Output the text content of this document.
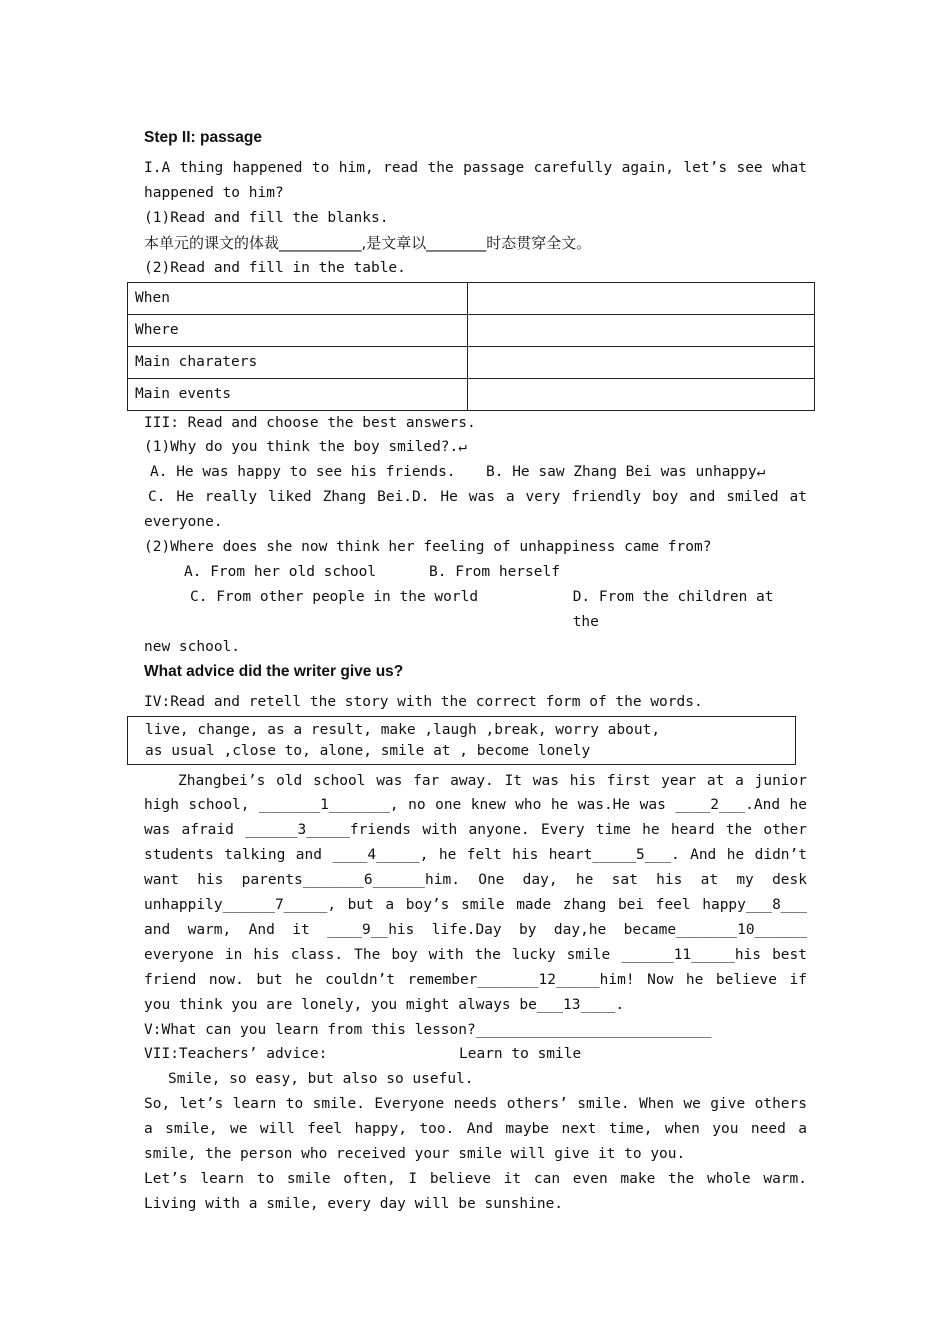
Step II: passage

I.A thing happened to him, read the passage carefully again, let’s see what happened to him?

(1)Read and fill the blanks.

本单元的课文的体裁___________,是文章以________时态贯穿全文。

(2)Read and fill in the table.

When	
Where	
Main charaters	
Main events	

III: Read and choose the best answers.

(1)Why do you think the boy smiled?.↵

A. He was happy to see his friends.	B. He saw Zhang Bei was unhappy ↵

C. He really liked Zhang Bei.D. He was a very friendly boy and smiled at everyone.

(2)Where does she now think her feeling of unhappiness came from?

A. From her old school	B. From herself
C. From other people in the world	D. From the children at the

new school.

What advice did the writer give us?

IV:Read and retell the story with the correct form of the words.

live, change, as a result, make ,laugh ,break, worry about,
as usual ,close to, alone, smile at , become lonely

Zhangbei’s old school was far away. It was his first year at a junior high school, _______1_______, no one knew who he was.He was ____2___.And he was afraid ______3_____friends with anyone. Every time he heard the other students talking and ____4_____, he felt his heart_____5___. And he didn’t want his parents_______6______him. One day, he sat his at my desk unhappily______7_____, but a boy’s smile made zhang bei feel happy___8___ and warm, And it ____9__his life.Day by day,he became_______10______ everyone in his class. The boy with the lucky smile ______11_____his best friend now. but he couldn’t remember_______12_____him! Now he believe if you think you are lonely, you might always be___13____.

V:What can you learn from this lesson?___________________________

VII:Teachers’ advice:	Learn to smile

Smile, so easy, but also so useful.

So, let’s learn to smile. Everyone needs others’ smile. When we give others a smile, we will feel happy, too. And maybe next time, when you need a smile, the person who received your smile will give it to you.

Let’s learn to smile often, I believe it can even make the whole warm. Living with a smile, every day will be sunshine.
